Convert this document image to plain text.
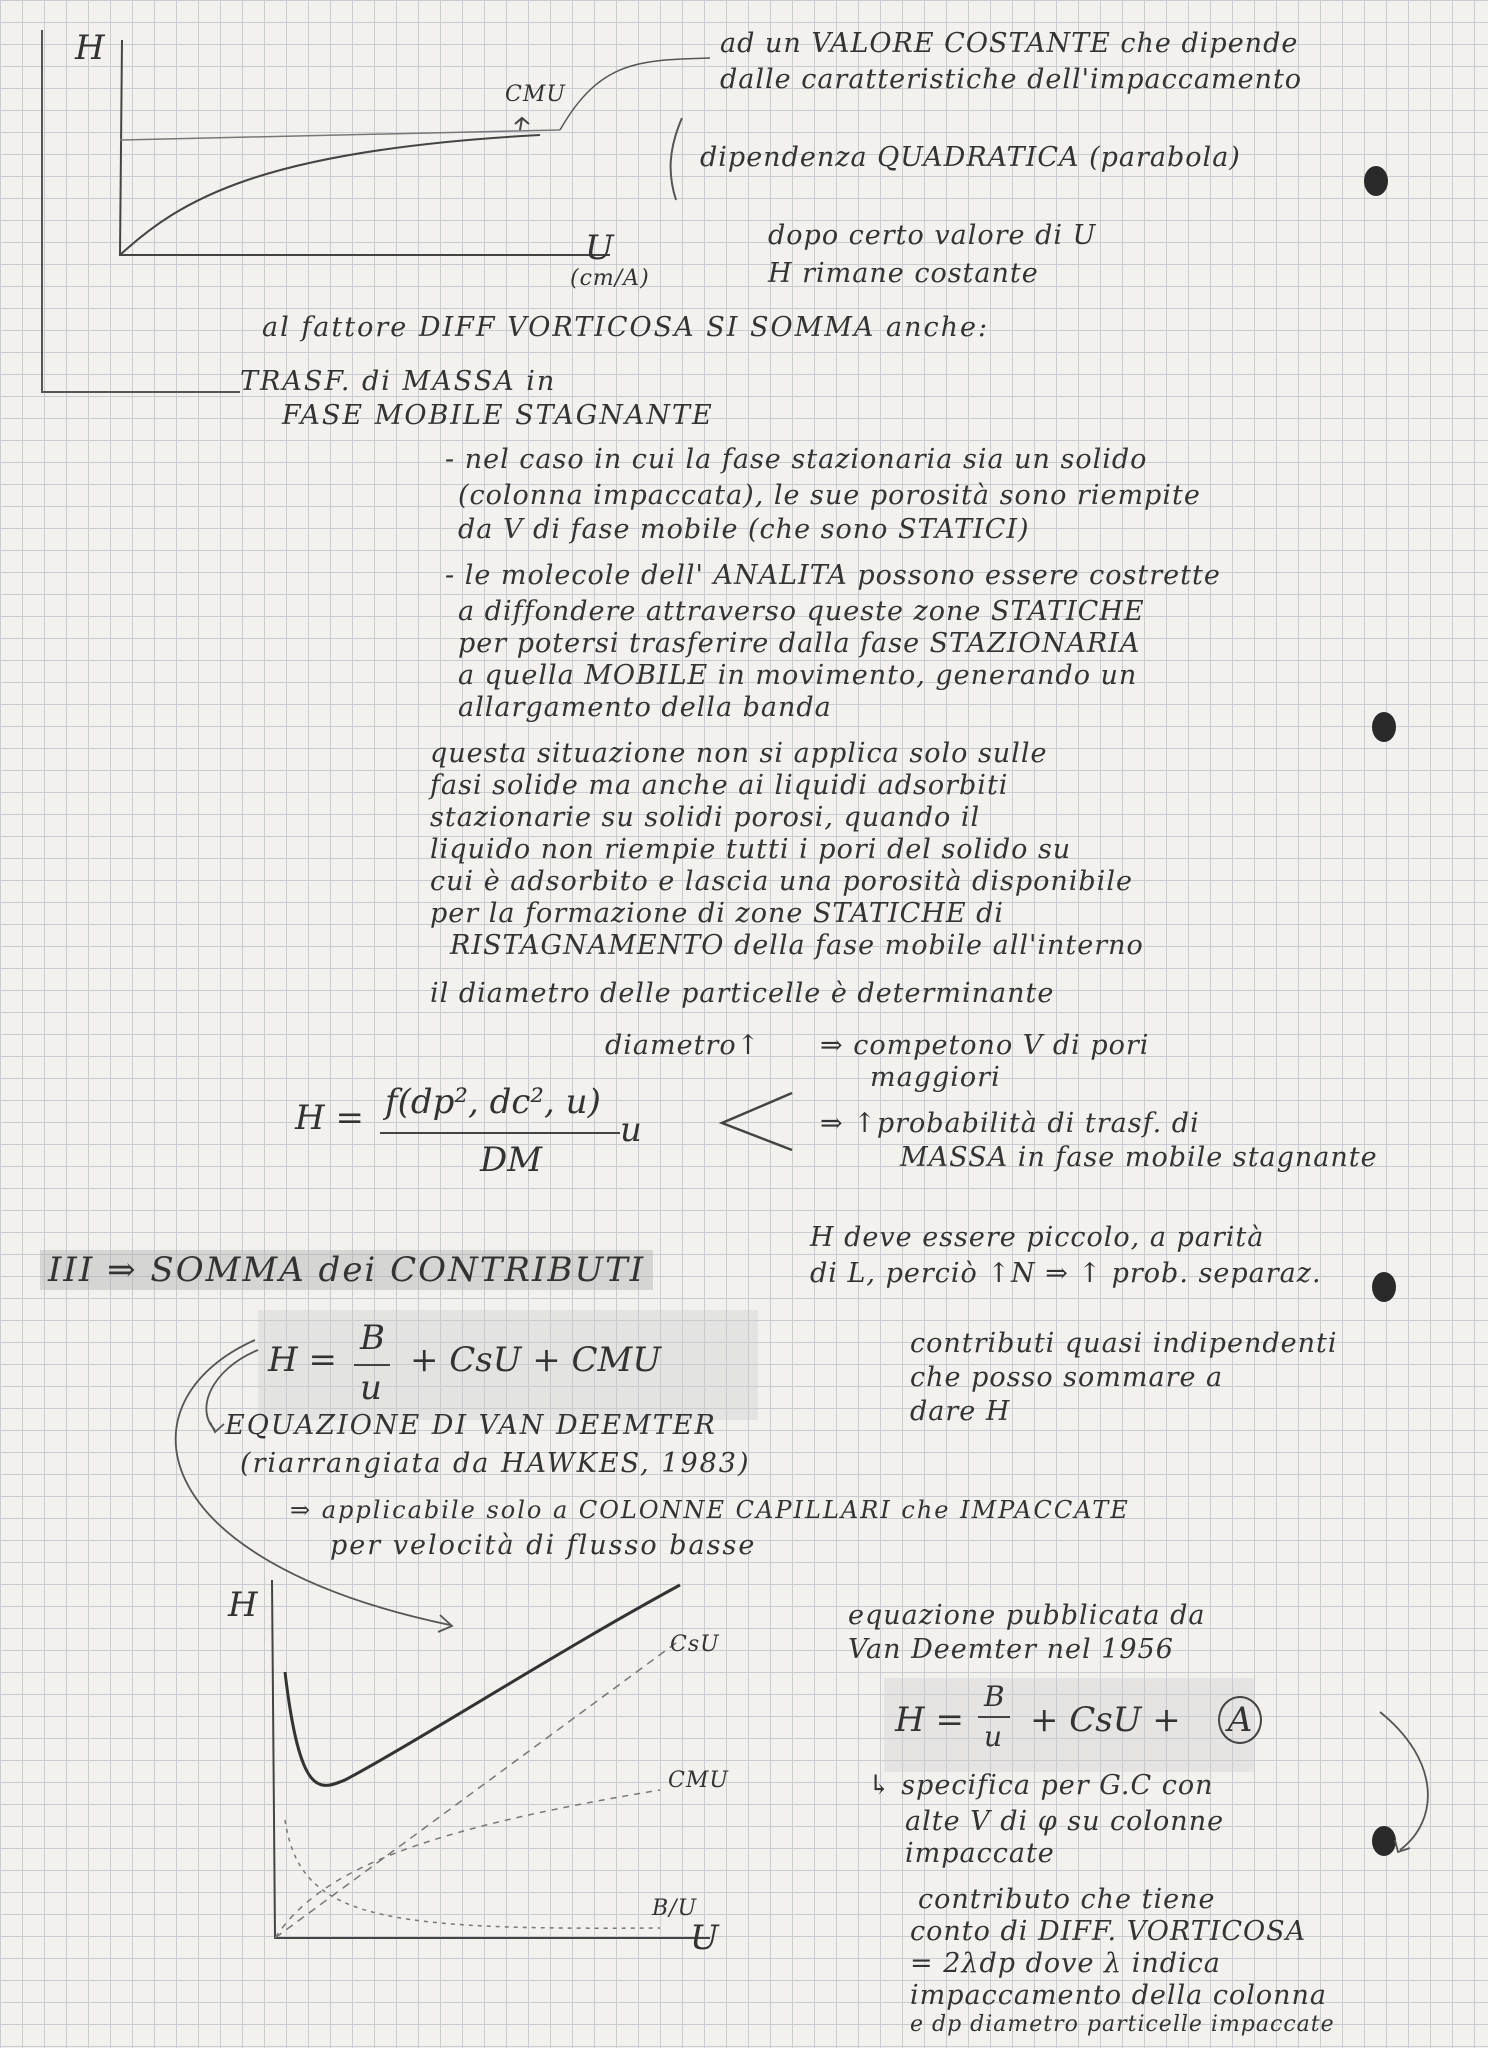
H
CMU
U
(cm/A)
ad un VALORE COSTANTE che dipende
dalle caratteristiche dell'impaccamento
dipendenza QUADRATICA (parabola)
dopo certo valore di U
H rimane costante
al fattore DIFF VORTICOSA SI SOMMA anche:
TRASF. di MASSA in
FASE MOBILE STAGNANTE
- nel caso in cui la fase stazionaria sia un solido
(colonna impaccata), le sue porosità sono riempite
da V di fase mobile (che sono STATICI)
- le molecole dell' ANALITA possono essere costrette
a diffondere attraverso queste zone STATICHE
per potersi trasferire dalla fase STAZIONARIA
a quella MOBILE in movimento, generando un
allargamento della banda
questa situazione non si applica solo sulle
fasi solide ma anche ai liquidi adsorbiti
stazionarie su solidi porosi, quando il
liquido non riempie tutti i pori del solido su
cui è adsorbito e lascia una porosità disponibile
per la formazione di zone STATICHE di
RISTAGNAMENTO della fase mobile all'interno
il diametro delle particelle è determinante
diametro↑ ⇒ competono V di pori
maggiori
⇒ ↑probabilità di trasf. di
MASSA in fase mobile stagnante
H = f(dp², dc², u)
DM
u
III ⇒ SOMMA dei CONTRIBUTI
H deve essere piccolo, a parità
di L, perciò ↑N ⇒ ↑ prob. separaz.
H =
B
u
+ CsU + CMU	contributi quasi indipendenti
che posso sommare a
dare H
EQUAZIONE DI VAN DEEMTER
(riarrangiata da HAWKES, 1983)
⇒ applicabile solo a COLONNE CAPILLARI che IMPACCATE
per velocità di flusso basse
H
U
CsU
CMU
B/U
equazione pubblicata da
Van Deemter nel 1956
H =
B
u + CsU + A
↳ specifica per G.C con
alte V di φ su colonne
impaccate
contributo che tiene
conto di DIFF. VORTICOSA
= 2λdp dove λ indica
impaccamento della colonna
e dp diametro particelle impaccate
